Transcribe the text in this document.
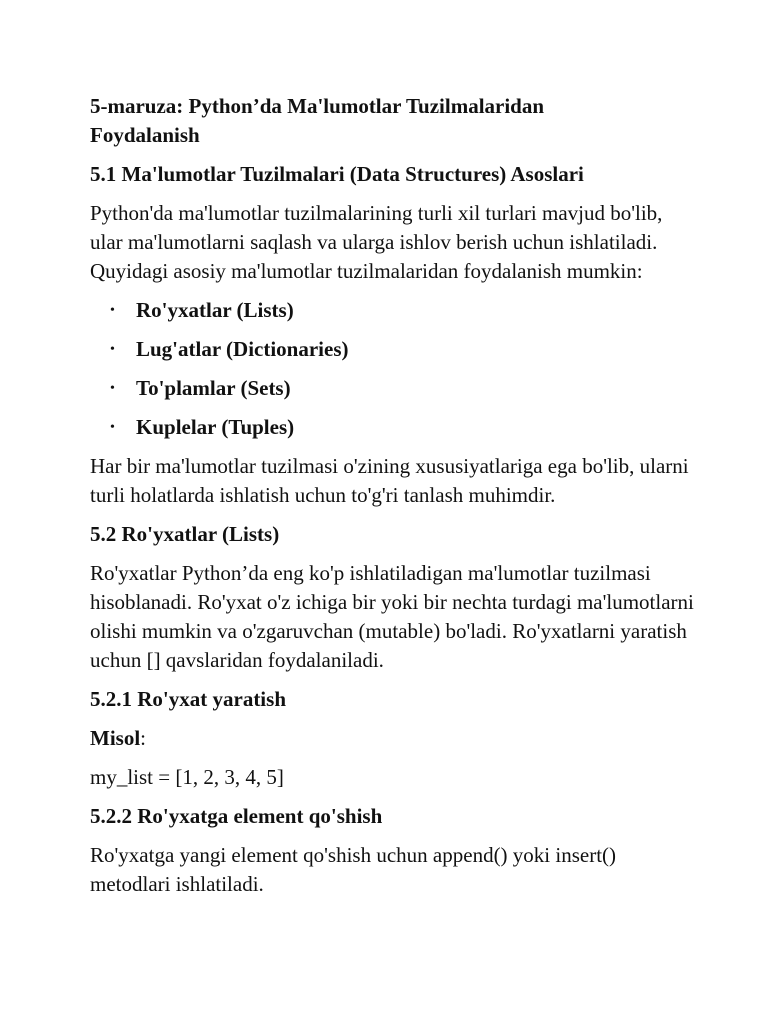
5-maruza: Python’da Ma'lumotlar Tuzilmalaridan
Foydalanish
5.1 Ma'lumotlar Tuzilmalari (Data Structures) Asoslari

Python'da ma'lumotlar tuzilmalarining turli xil turlari mavjud bo'lib, ular ma'lumotlarni saqlash va ularga ishlov berish uchun ishlatiladi. Quyidagi asosiy ma'lumotlar tuzilmalaridan foydalanish mumkin:

• Ro'yxatlar (Lists)
• Lug'atlar (Dictionaries)
• To'plamlar (Sets)
• Kuplelar (Tuples)

Har bir ma'lumotlar tuzilmasi o'zining xususiyatlariga ega bo'lib, ularni turli holatlarda ishlatish uchun to'g'ri tanlash muhimdir.

5.2 Ro'yxatlar (Lists)

Ro'yxatlar Python’da eng ko'p ishlatiladigan ma'lumotlar tuzilmasi hisoblanadi. Ro'yxat o'z ichiga bir yoki bir nechta turdagi ma'lumotlarni olishi mumkin va o'zgaruvchan (mutable) bo'ladi. Ro'yxatlarni yaratish uchun [] qavslaridan foydalaniladi.

5.2.1 Ro'yxat yaratish

Misol:

my_list = [1, 2, 3, 4, 5]

5.2.2 Ro'yxatga element qo'shish

Ro'yxatga yangi element qo'shish uchun append() yoki insert() metodlari ishlatiladi.
